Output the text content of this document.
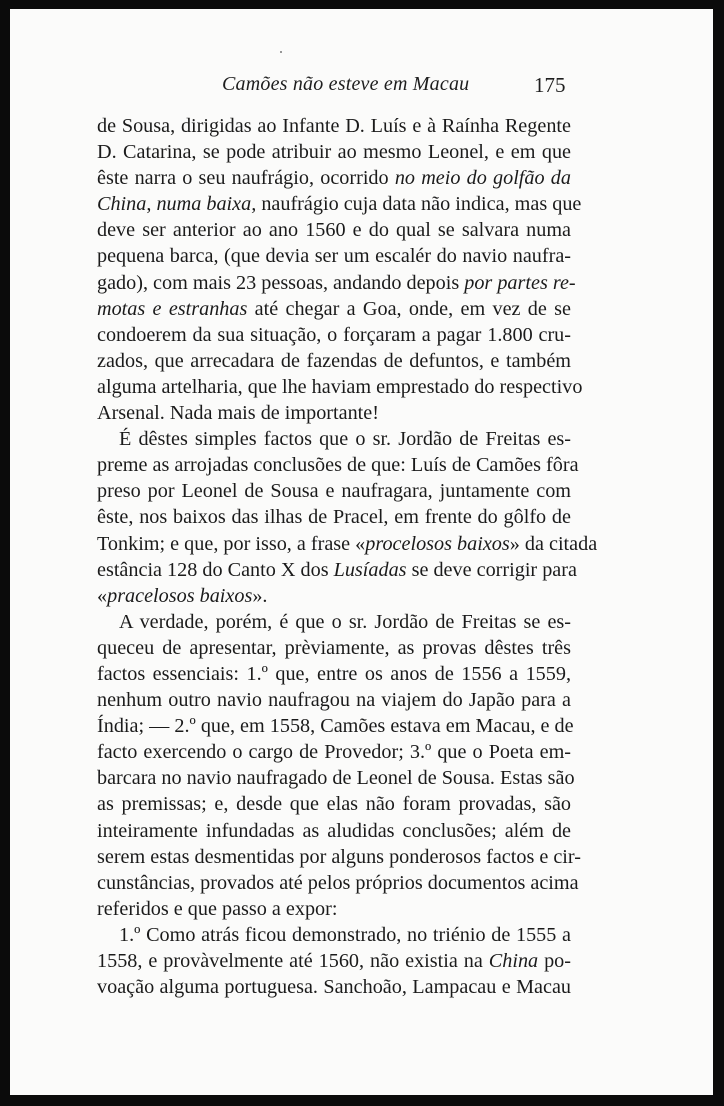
Camões não esteve em Macau	175
de Sousa, dirigidas ao Infante D. Luís e à Raínha Regente
D. Catarina, se pode atribuir ao mesmo Leonel, e em que
êste narra o seu naufrágio, ocorrido no meio do golfão da
China, numa baixa, naufrágio cuja data não indica, mas que
deve ser anterior ao ano 1560 e do qual se salvara numa
pequena barca, (que devia ser um escalér do navio naufra-
gado), com mais 23 pessoas, andando depois por partes re-
motas e estranhas até chegar a Goa, onde, em vez de se
condoerem da sua situação, o forçaram a pagar 1.800 cru-
zados, que arrecadara de fazendas de defuntos, e também
alguma artelharia, que lhe haviam emprestado do respectivo
Arsenal. Nada mais de importante!
É dêstes simples factos que o sr. Jordão de Freitas es-
preme as arrojadas conclusões de que: Luís de Camões fôra
preso por Leonel de Sousa e naufragara, juntamente com
êste, nos baixos das ilhas de Pracel, em frente do gôlfo de
Tonkim; e que, por isso, a frase «procelosos baixos» da citada
estância 128 do Canto X dos Lusíadas se deve corrigir para
«pracelosos baixos».
A verdade, porém, é que o sr. Jordão de Freitas se es-
queceu de apresentar, prèviamente, as provas dêstes três
factos essenciais: 1.º que, entre os anos de 1556 a 1559,
nenhum outro navio naufragou na viajem do Japão para a
Índia; — 2.º que, em 1558, Camões estava em Macau, e de
facto exercendo o cargo de Provedor; 3.º que o Poeta em-
barcara no navio naufragado de Leonel de Sousa. Estas são
as premissas; e, desde que elas não foram provadas, são
inteiramente infundadas as aludidas conclusões; além de
serem estas desmentidas por alguns ponderosos factos e cir-
cunstâncias, provados até pelos próprios documentos acima
referidos e que passo a expor:
1.º Como atrás ficou demonstrado, no triénio de 1555 a
1558, e provàvelmente até 1560, não existia na China po-
voação alguma portuguesa. Sanchoão, Lampacau e Macau
